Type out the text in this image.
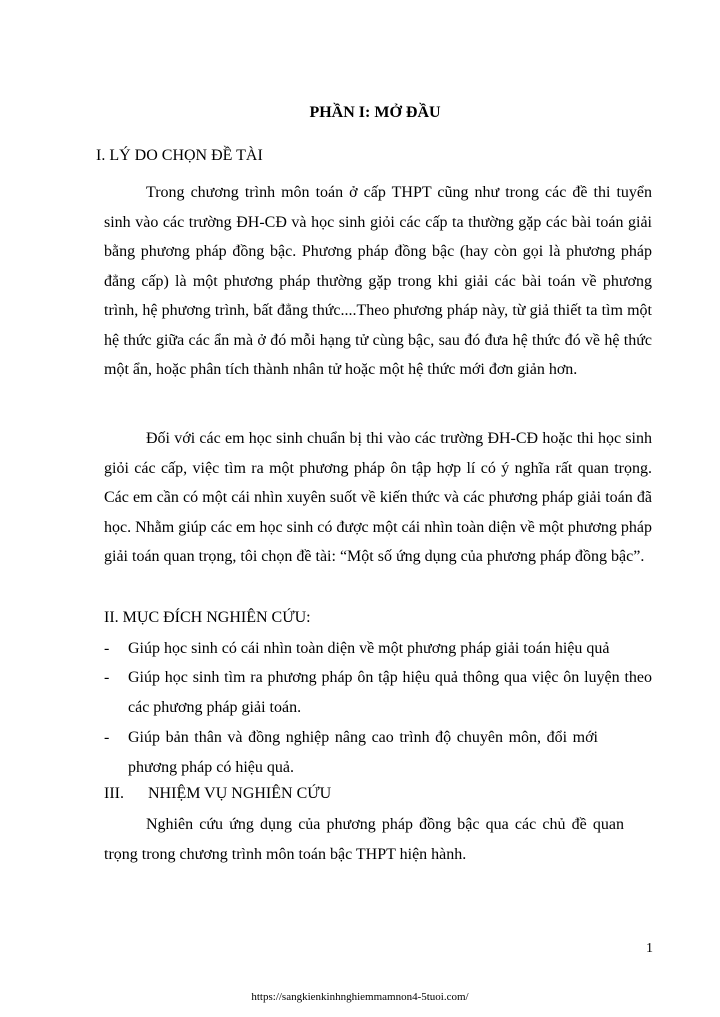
PHẦN I: MỞ ĐẦU
I. LÝ DO CHỌN ĐỀ TÀI

Trong chương trình môn toán ở cấp THPT cũng như trong các đề thi tuyển sinh vào các trường ĐH-CĐ và học sinh giỏi các cấp ta thường gặp các bài toán giải bằng phương pháp đồng bậc. Phương pháp đồng bậc (hay còn gọi là phương pháp đẳng cấp) là một phương pháp thường gặp trong khi giải các bài toán về phương trình, hệ phương trình, bất đẳng thức....Theo phương pháp này, từ giả thiết ta tìm một hệ thức giữa các ẩn mà ở đó mỗi hạng tử cùng bậc, sau đó đưa hệ thức đó về hệ thức một ẩn, hoặc phân tích thành nhân tử hoặc một hệ thức mới đơn giản hơn.

Đối với các em học sinh chuẩn bị thi vào các trường ĐH-CĐ hoặc thi học sinh giỏi các cấp, việc tìm ra một phương pháp ôn tập hợp lí có ý nghĩa rất quan trọng. Các em cần có một cái nhìn xuyên suốt về kiến thức và các phương pháp giải toán đã học. Nhằm giúp các em học sinh có được một cái nhìn toàn diện về một phương pháp giải toán quan trọng, tôi chọn đề tài: “Một số ứng dụng của phương pháp đồng bậc”.

II. MỤC ĐÍCH NGHIÊN CỨU:
- Giúp học sinh có cái nhìn toàn diện về một phương pháp giải toán hiệu quả
- Giúp học sinh tìm ra phương pháp ôn tập hiệu quả thông qua việc ôn luyện theo các phương pháp giải toán.
- Giúp bản thân và đồng nghiệp nâng cao trình độ chuyên môn, đổi mới phương pháp có hiệu quả.
III. NHIỆM VỤ NGHIÊN CỨU

Nghiên cứu ứng dụng của phương pháp đồng bậc qua các chủ đề quan trọng trong chương trình môn toán bậc THPT hiện hành.

1
https://sangkienkinhnghiemmamnon4-5tuoi.com/
